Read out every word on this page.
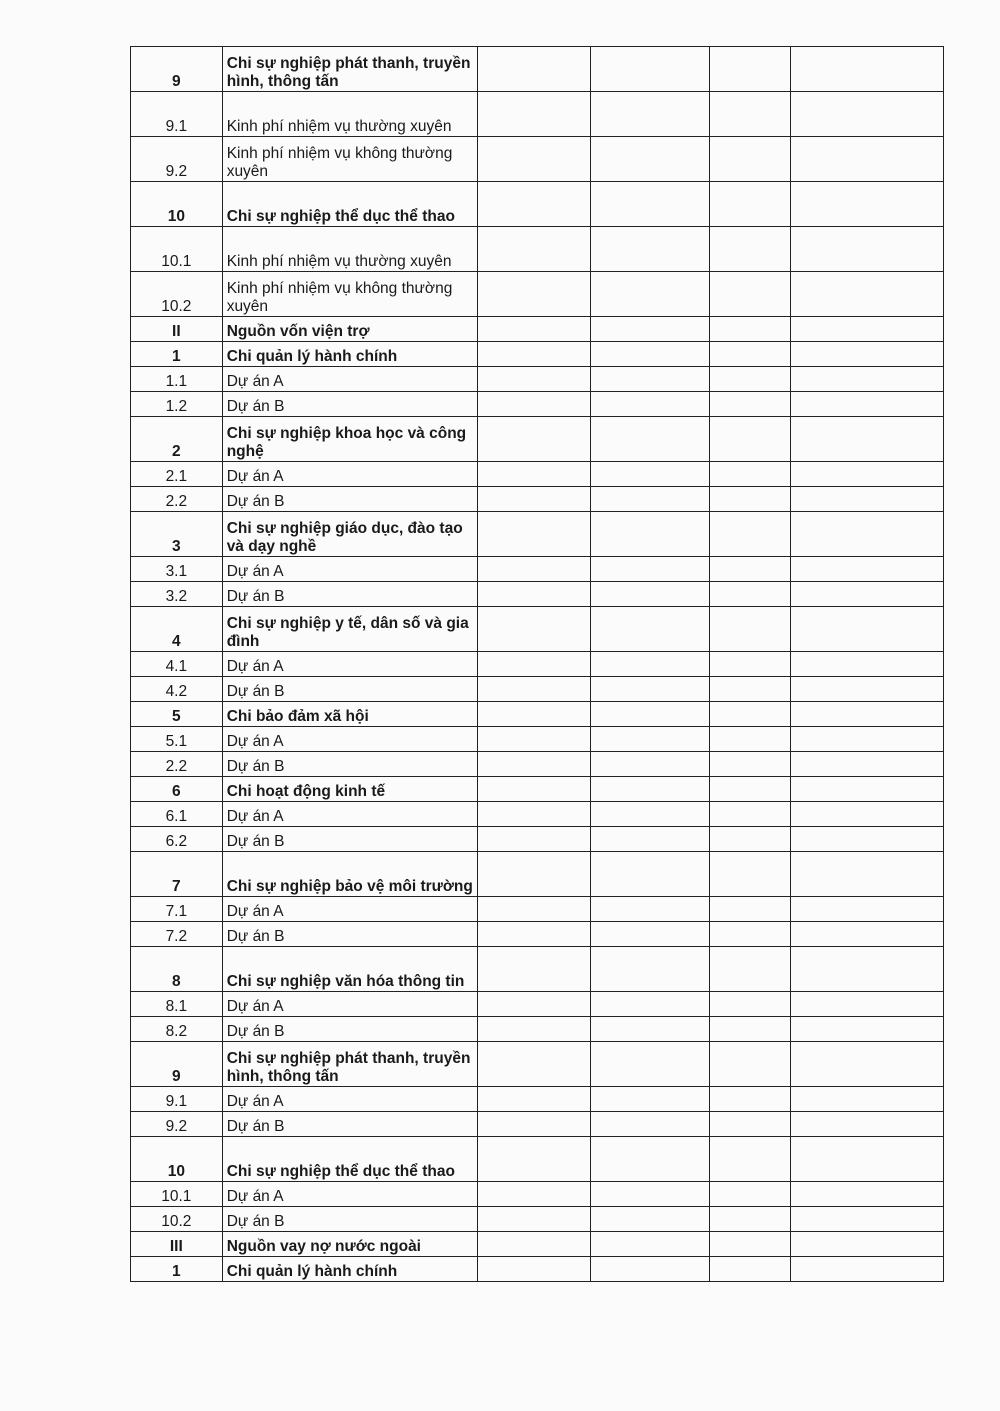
9	Chi sự nghiệp phát thanh, truyền hình, thông tấn				
9.1	Kinh phí nhiệm vụ thường xuyên				
9.2	Kinh phí nhiệm vụ không thường xuyên				
10	Chi sự nghiệp thể dục thể thao				
10.1	Kinh phí nhiệm vụ thường xuyên				
10.2	Kinh phí nhiệm vụ không thường xuyên				
II	Nguồn vốn viện trợ				
1	Chi quản lý hành chính				
1.1	Dự án A				
1.2	Dự án B				
2	Chi sự nghiệp khoa học và công nghệ				
2.1	Dự án A				
2.2	Dự án B				
3	Chi sự nghiệp giáo dục, đào tạo và dạy nghề				
3.1	Dự án A				
3.2	Dự án B				
4	Chi sự nghiệp y tế, dân số và gia đình				
4.1	Dự án A				
4.2	Dự án B				
5	Chi bảo đảm xã hội				
5.1	Dự án A				
2.2	Dự án B				
6	Chi hoạt động kinh tế				
6.1	Dự án A				
6.2	Dự án B				
7	Chi sự nghiệp bảo vệ môi trường				
7.1	Dự án A				
7.2	Dự án B				
8	Chi sự nghiệp văn hóa thông tin				
8.1	Dự án A				
8.2	Dự án B				
9	Chi sự nghiệp phát thanh, truyền hình, thông tấn				
9.1	Dự án A				
9.2	Dự án B				
10	Chi sự nghiệp thể dục thể thao				
10.1	Dự án A				
10.2	Dự án B				
III	Nguồn vay nợ nước ngoài				
1	Chi quản lý hành chính				
